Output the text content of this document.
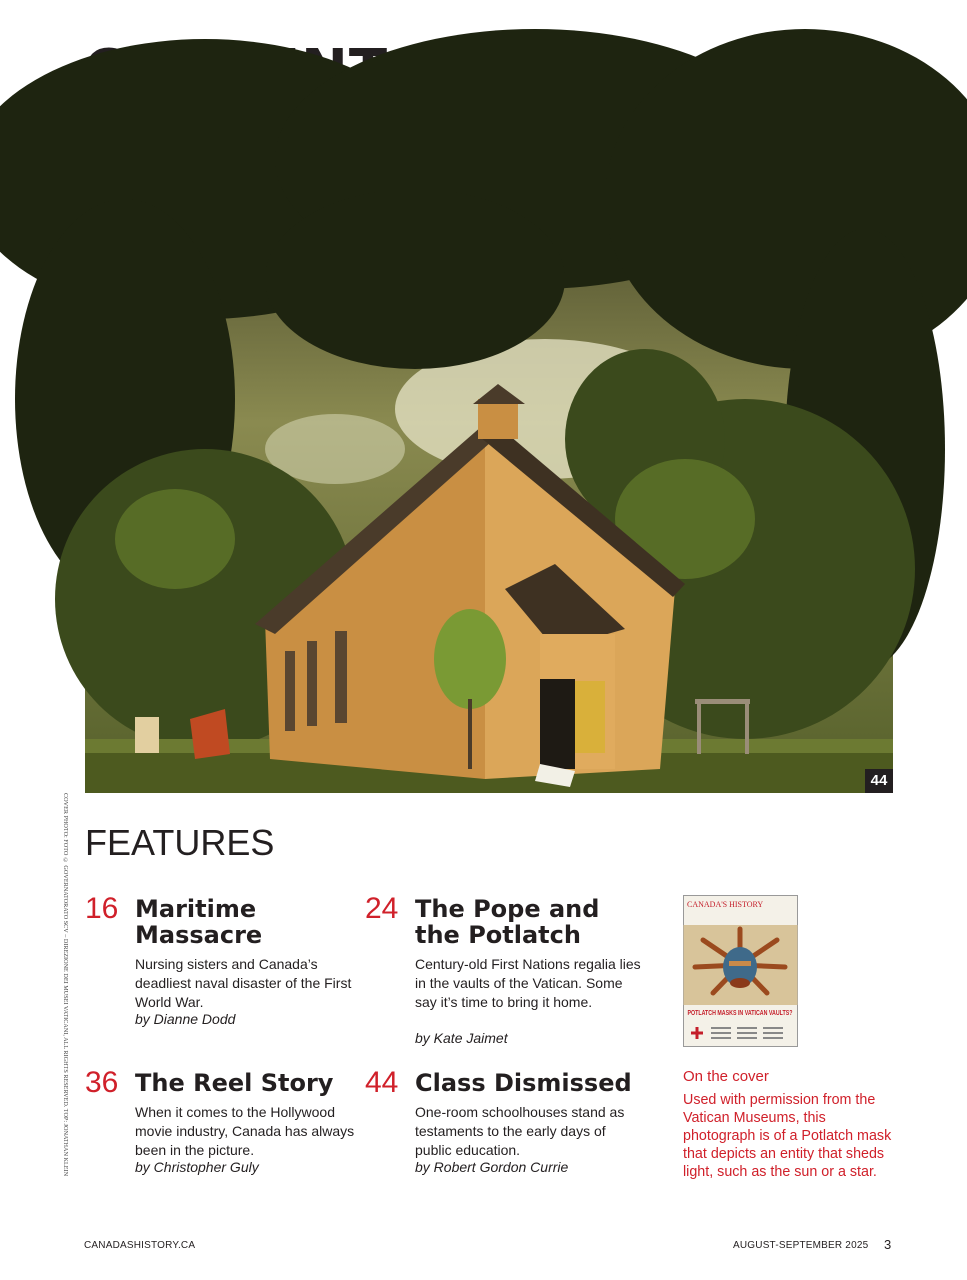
44
COVER PHOTO: FOTO © GOVERNATORATO SCV – DIREZIONE DEI MUSEI VATICANI, ALL RIGHTS RESERVED. TOP: JONATHAN KLEIN FEATURES
16 Maritime Massacre

Nursing sisters and Canada’s deadliest naval disaster of the First World War.

by Dianne Dodd

24 The Pope and the Potlatch

Century-old First Nations regalia lies in the vaults of the Vatican. Some say it’s time to bring it home.

by Kate Jaimet

36 The Reel Story

When it comes to the Hollywood movie industry, Canada has always been in the picture.

by Christopher Guly

44 Class Dismissed

One-room schoolhouses stand as testaments to the early days of public education.

by Robert Gordon Currie

CANADA'S HISTORY
POTLATCH MASKS IN VATICAN VAULTS?
On the cover
Used with permission from the Vatican Museums, this photograph is of a Potlatch mask that depicts an entity that sheds light, such as the sun or a star.
CANADASHISTORY.CA	AUGUST-SEPTEMBER 2025 3
